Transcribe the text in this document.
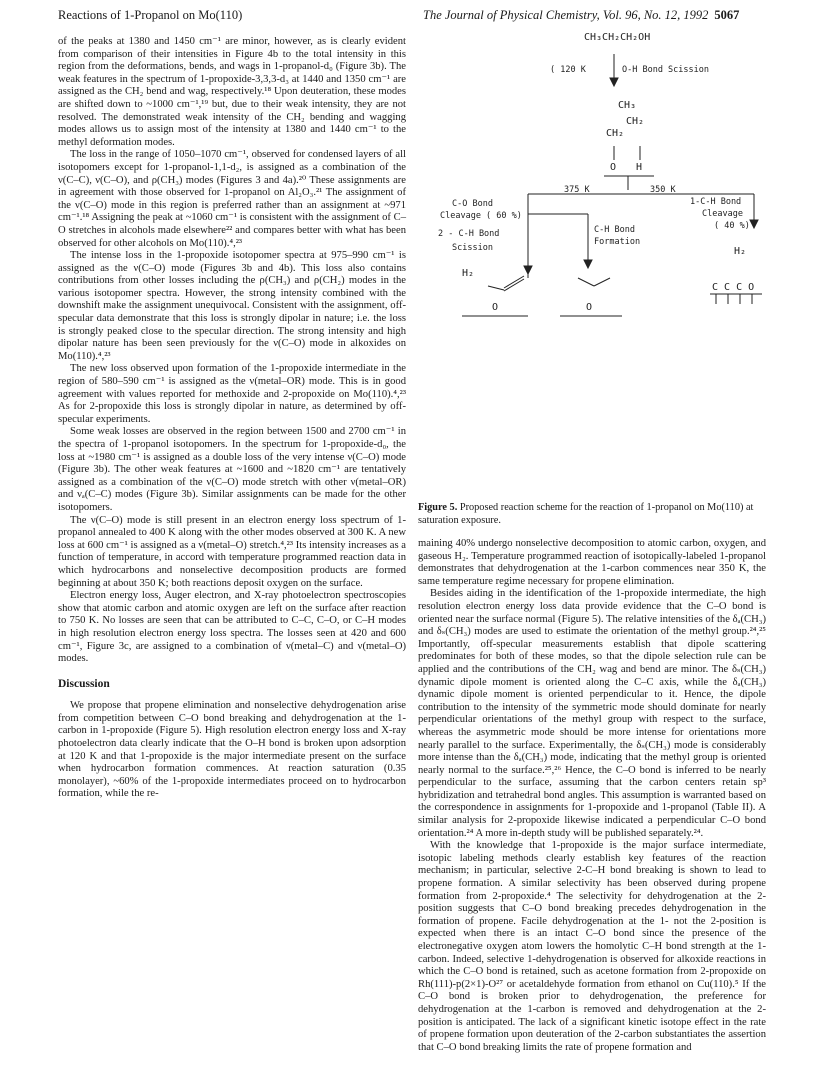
Reactions of 1-Propanol on Mo(110)	The Journal of Physical Chemistry, Vol. 96, No. 12, 1992 5067

of the peaks at 1380 and 1450 cm⁻¹ are minor, however, as is clearly evident from comparison of their intensities in Figure 4b to the total intensity in this region from the deformations, bends, and wags in 1-propanol-d₀ (Figure 3b). The weak features in the spectrum of 1-propoxide-3,3,3-d₃ at 1440 and 1350 cm⁻¹ are assigned as the CH₂ bend and wag, respectively.¹⁸ Upon deuteration, these modes are shifted down to ~1000 cm⁻¹,¹⁹ but, due to their weak intensity, they are not resolved. The demonstrated weak intensity of the CH₂ bending and wagging modes allows us to assign most of the intensity at 1380 and 1440 cm⁻¹ to the methyl deformation modes.

The loss in the range of 1050–1070 cm⁻¹, observed for condensed layers of all isotopomers except for 1-propanol-1,1-d₂, is assigned as a combination of the ν(C–C), ν(C–O), and ρ(CH₃) modes (Figures 3 and 4a).²⁰ These assignments are in agreement with those observed for 1-propanol on Al₂O₃.²¹ The assignment of the ν(C–O) mode in this region is preferred rather than an assignment at ~971 cm⁻¹.¹⁸ Assigning the peak at ~1060 cm⁻¹ is consistent with the assignment of C–O stretches in alcohols made elsewhere²² and compares better with what has been observed for other alcohols on Mo(110).⁴,²³

The intense loss in the 1-propoxide isotopomer spectra at 975–990 cm⁻¹ is assigned as the ν(C–O) mode (Figures 3b and 4b). This loss also contains contributions from other losses including the ρ(CH₃) and ρ(CH₂) modes in the various isotopomer spectra. However, the strong intensity combined with the downshift make the assignment unequivocal. Consistent with the assignment, off-specular data demonstrate that this loss is strongly dipolar in nature; i.e. the loss is strongly peaked close to the specular direction. The strong intensity and high dipolar nature has been seen previously for the ν(C–O) mode in alkoxides on Mo(110).⁴,²³

The new loss observed upon formation of the 1-propoxide intermediate in the region of 580–590 cm⁻¹ is assigned as the ν(metal–OR) mode. This is in good agreement with values reported for methoxide and 2-propoxide on Mo(110).⁴,²³ As for 2-propoxide this loss is strongly dipolar in nature, as determined by off-specular experiments.

Some weak losses are observed in the region between 1500 and 2700 cm⁻¹ in the spectra of 1-propanol isotopomers. In the spectrum for 1-propoxide-d₀, the loss at ~1980 cm⁻¹ is assigned as a double loss of the very intense ν(C–O) mode (Figure 3b). The other weak features at ~1600 and ~1820 cm⁻¹ are tentatively assigned as a combination of the ν(C–O) mode stretch with other ν(metal–OR) and νₐ(C–C) modes (Figure 3b). Similar assignments can be made for the other isotopomers.

The ν(C–O) mode is still present in an electron energy loss spectrum of 1-propanol annealed to 400 K along with the other modes observed at 300 K. A new loss at 600 cm⁻¹ is assigned as a ν(metal–O) stretch.⁴,²³ Its intensity increases as a function of temperature, in accord with temperature programmed reaction data in which hydrocarbons and nonselective decomposition products are formed beginning at about 350 K; both reactions deposit oxygen on the surface.

Electron energy loss, Auger electron, and X-ray photoelectron spectroscopies show that atomic carbon and atomic oxygen are left on the surface after reaction to 750 K. No losses are seen that can be attributed to C–C, C–O, or C–H modes in high resolution electron energy loss spectra. The losses seen at 420 and 600 cm⁻¹, Figure 3c, are assigned to a combination of ν(metal–C) and ν(metal–O) modes.

Discussion

We propose that propene elimination and nonselective dehydrogenation arise from competition between C–O bond breaking and dehydrogenation at the 1-carbon in 1-propoxide (Figure 5). High resolution electron energy loss and X-ray photoelectron data clearly indicate that the O–H bond is broken upon adsorption at 120 K and that 1-propoxide is the major intermediate present on the surface when hydrocarbon formation commences. At reaction saturation (0.35 monolayer), ~60% of the 1-propoxide intermediates proceed on to hydrocarbon formation, while the re-

CH₃CH₂CH₂OH
( 120 K	O-H Bond Scission
CH₃
CH₂
CH₂
O H
375 K	350 K
C-O Bond
Cleavage ( 60 %)
1-C-H Bond
Cleavage
( 40 %)
2 - C-H Bond
Scission
C-H Bond
Formation
H₂
H₂
O	O
C C C O
Figure 5. Proposed reaction scheme for the reaction of 1-propanol on Mo(110) at saturation exposure.

maining 40% undergo nonselective decomposition to atomic carbon, oxygen, and gaseous H₂. Temperature programmed reaction of isotopically-labeled 1-propanol demonstrates that dehydrogenation at the 1-carbon commences near 350 K, the same temperature regime necessary for propene elimination.

Besides aiding in the identification of the 1-propoxide intermediate, the high resolution electron energy loss data provide evidence that the C–O bond is oriented near the surface normal (Figure 5). The relative intensities of the δₐ(CH₃) and δₛ(CH₃) modes are used to estimate the orientation of the methyl group.²⁴,²⁵ Importantly, off-specular measurements establish that dipole scattering predominates for both of these modes, so that the dipole selection rule can be applied and the contributions of the CH₂ wag and bend are minor. The δₛ(CH₃) dynamic dipole moment is oriented along the C–C axis, while the δₐ(CH₃) dynamic dipole moment is oriented perpendicular to it. Hence, the dipole contribution to the intensity of the symmetric mode should dominate for nearly perpendicular orientations of the methyl group with respect to the surface, whereas the asymmetric mode should be more intense for orientations more nearly parallel to the surface. Experimentally, the δₛ(CH₃) mode is considerably more intense than the δₐ(CH₃) mode, indicating that the methyl group is oriented nearly normal to the surface.²⁵,²⁶ Hence, the C–O bond is inferred to be nearly perpendicular to the surface, assuming that the carbon centers retain sp³ hybridization and tetrahedral bond angles. This assumption is warranted based on the correspondence in assignments for 1-propoxide and 1-propanol (Table II). A similar analysis for 2-propoxide likewise indicated a perpendicular C–O bond orientation.²⁴ A more in-depth study will be published separately.²⁴.

With the knowledge that 1-propoxide is the major surface intermediate, isotopic labeling methods clearly establish key features of the reaction mechanism; in particular, selective 2-C–H bond breaking is shown to lead to propene formation. A similar selectivity has been observed during propene formation from 2-propoxide.⁴ The selectivity for dehydrogenation at the 2-position suggests that C–O bond breaking precedes dehydrogenation in the formation of propene. Facile dehydrogenation at the 1- not the 2-position is expected when there is an intact C–O bond since the presence of the electronegative oxygen atom lowers the homolytic C–H bond strength at the 1-carbon. Indeed, selective 1-dehydrogenation is observed for alkoxide reactions in which the C–O bond is retained, such as acetone formation from 2-propoxide on Rh(111)-p(2×1)-O²⁷ or acetaldehyde formation from ethanol on Cu(110).⁵ If the C–O bond is broken prior to dehydrogenation, the preference for dehydrogenation at the 1-carbon is removed and dehydrogenation at the 2-position is anticipated. The lack of a significant kinetic isotope effect in the rate of propene formation upon deuteration of the 2-carbon substantiates the assertion that C–O bond breaking limits the rate of propene formation and
